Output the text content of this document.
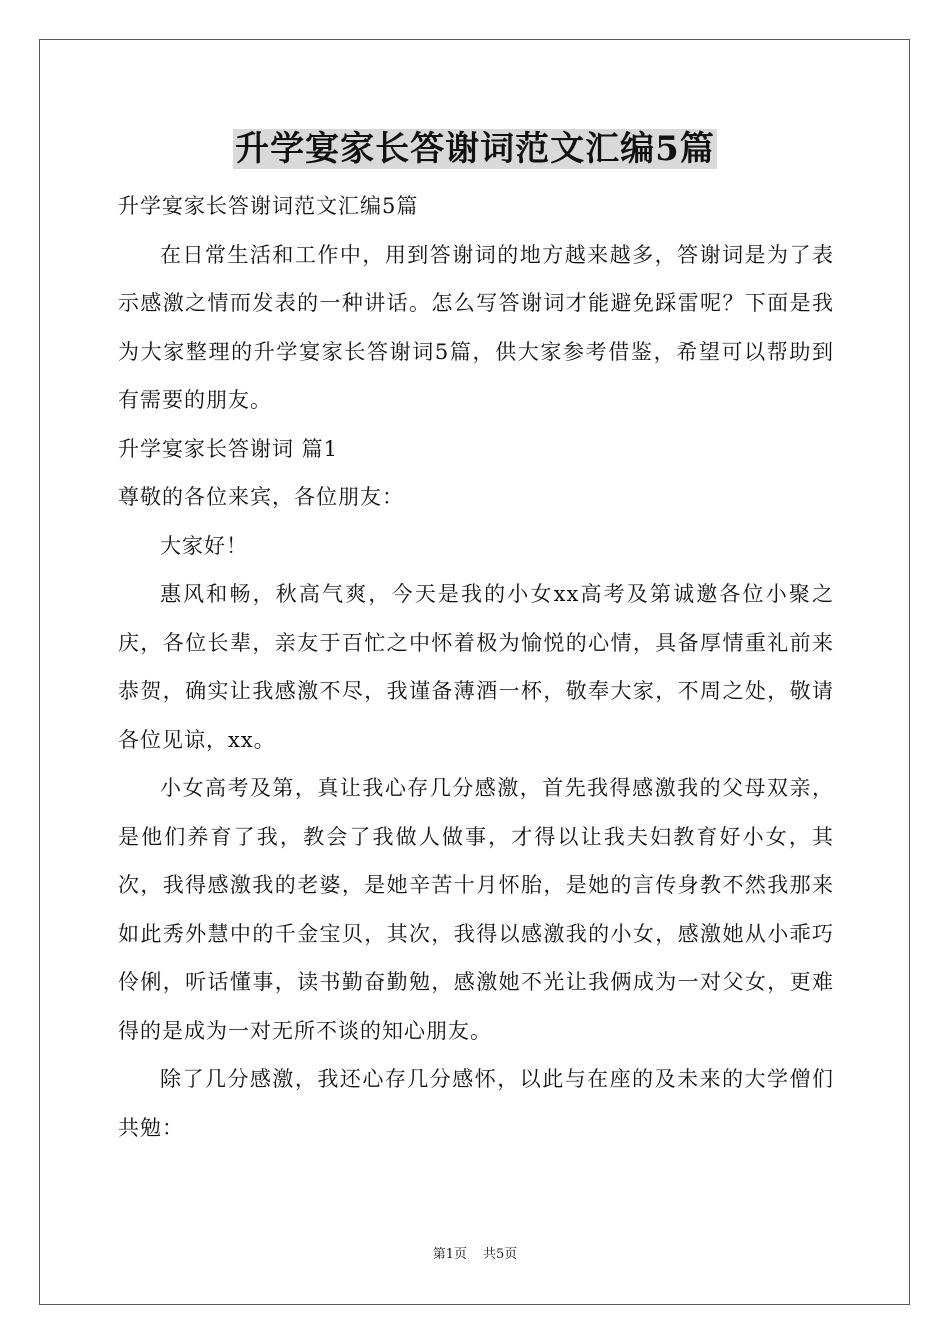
升学宴家长答谢词范文汇编5篇

升学宴家长答谢词范文汇编5篇

在日常生活和工作中，用到答谢词的地方越来越多，答谢词是为了表示感激之情而发表的一种讲话。怎么写答谢词才能避免踩雷呢？下面是我为大家整理的升学宴家长答谢词5篇，供大家参考借鉴，希望可以帮助到有需要的朋友。

升学宴家长答谢词 篇1

尊敬的各位来宾，各位朋友：

大家好！

惠风和畅，秋高气爽，今天是我的小女xx高考及第诚邀各位小聚之庆，各位长辈，亲友于百忙之中怀着极为愉悦的心情，具备厚情重礼前来恭贺，确实让我感激不尽，我谨备薄酒一杯，敬奉大家，不周之处，敬请各位见谅，xx。

小女高考及第，真让我心存几分感激，首先我得感激我的父母双亲，是他们养育了我，教会了我做人做事，才得以让我夫妇教育好小女，其次，我得感激我的老婆，是她辛苦十月怀胎，是她的言传身教不然我那来如此秀外慧中的千金宝贝，其次，我得以感激我的小女，感激她从小乖巧伶俐，听话懂事，读书勤奋勤勉，感激她不光让我俩成为一对父女，更难得的是成为一对无所不谈的知心朋友。

除了几分感激，我还心存几分感怀，以此与在座的及未来的大学僧们共勉：

第1页 共5页
